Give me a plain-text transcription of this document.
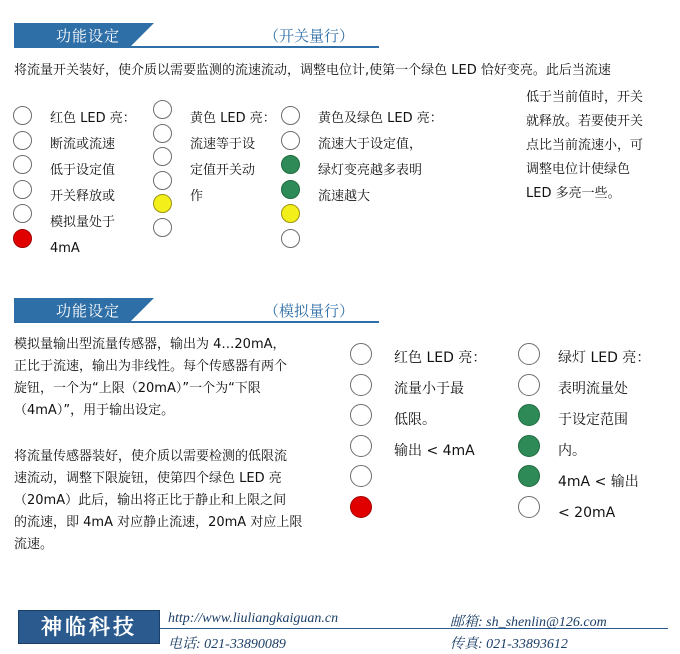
功能设定	（开关量行）
将流量开关装好，使介质以需要监测的流速流动，调整电位计,使第一个绿色 LED 恰好变亮。此后当流速
低于当前值时，开关
就释放。若要使开关
点比当前流速小，可
调整电位计使绿色
LED 多亮一些。
红色 LED 亮：
断流或流速
低于设定值
开关释放或
模拟量处于
4mA
黄色 LED 亮：
流速等于设
定值开关动
作
黄色及绿色 LED 亮：
流速大于设定值，
绿灯变亮越多表明
流速越大
功能设定	（模拟量行）
模拟量输出型流量传感器，输出为 4…20mA，
正比于流速，输出为非线性。每个传感器有两个
旋钮，一个为“上限（20mA）”一个为“下限
（4mA）”，用于输出设定。
将流量传感器装好，使介质以需要检测的低限流
速流动，调整下限旋钮，使第四个绿色 LED 亮
（20mA）此后，输出将正比于静止和上限之间
的流速，即 4mA 对应静止流速，20mA 对应上限
流速。
红色 LED 亮：
流量小于最
低限。
输出 < 4mA
绿灯 LED 亮：
表明流量处
于设定范围
内。
4mA < 输出
< 20mA
神临科技	http://www.liuliangkaiguan.cn	邮箱: sh_shenlin@126.com
电话: 021-33890089	传真: 021-33893612
